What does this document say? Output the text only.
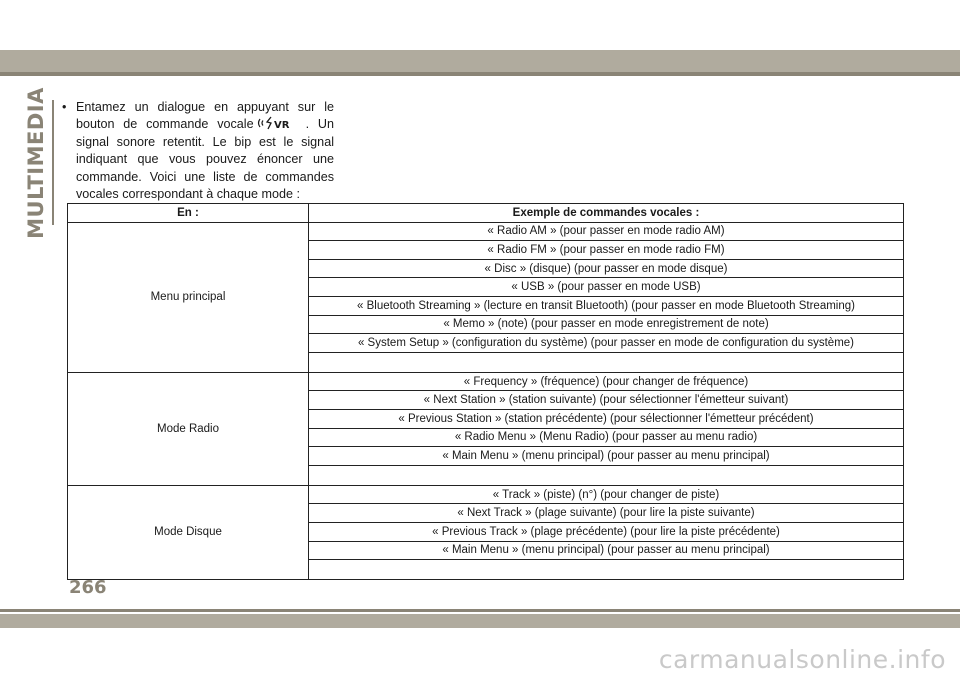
MULTIMEDIA • Entamez un dialogue en appuyant sur le bouton de commande vocale VR . Un signal sonore retentit. Le bip est le signal indiquant que vous pouvez énoncer une commande. Voici une liste de commandes vocales correspondant à chaque mode :
En :	Exemple de commandes vocales :
Menu principal	« Radio AM » (pour passer en mode radio AM)
	« Radio FM » (pour passer en mode radio FM)
	« Disc » (disque) (pour passer en mode disque)
	« USB » (pour passer en mode USB)
	« Bluetooth Streaming » (lecture en transit Bluetooth) (pour passer en mode Bluetooth Streaming)
	« Memo » (note) (pour passer en mode enregistrement de note)
	« System Setup » (configuration du système) (pour passer en mode de configuration du système)

Mode Radio	« Frequency » (fréquence) (pour changer de fréquence)
	« Next Station » (station suivante) (pour sélectionner l'émetteur suivant)
	« Previous Station » (station précédente) (pour sélectionner l'émetteur précédent)
	« Radio Menu » (Menu Radio) (pour passer au menu radio)
	« Main Menu » (menu principal) (pour passer au menu principal)

Mode Disque	« Track » (piste) (n°) (pour changer de piste)
	« Next Track » (plage suivante) (pour lire la piste suivante)
	« Previous Track » (plage précédente) (pour lire la piste précédente)
	« Main Menu » (menu principal) (pour passer au menu principal)

266
carmanualsonline.info
